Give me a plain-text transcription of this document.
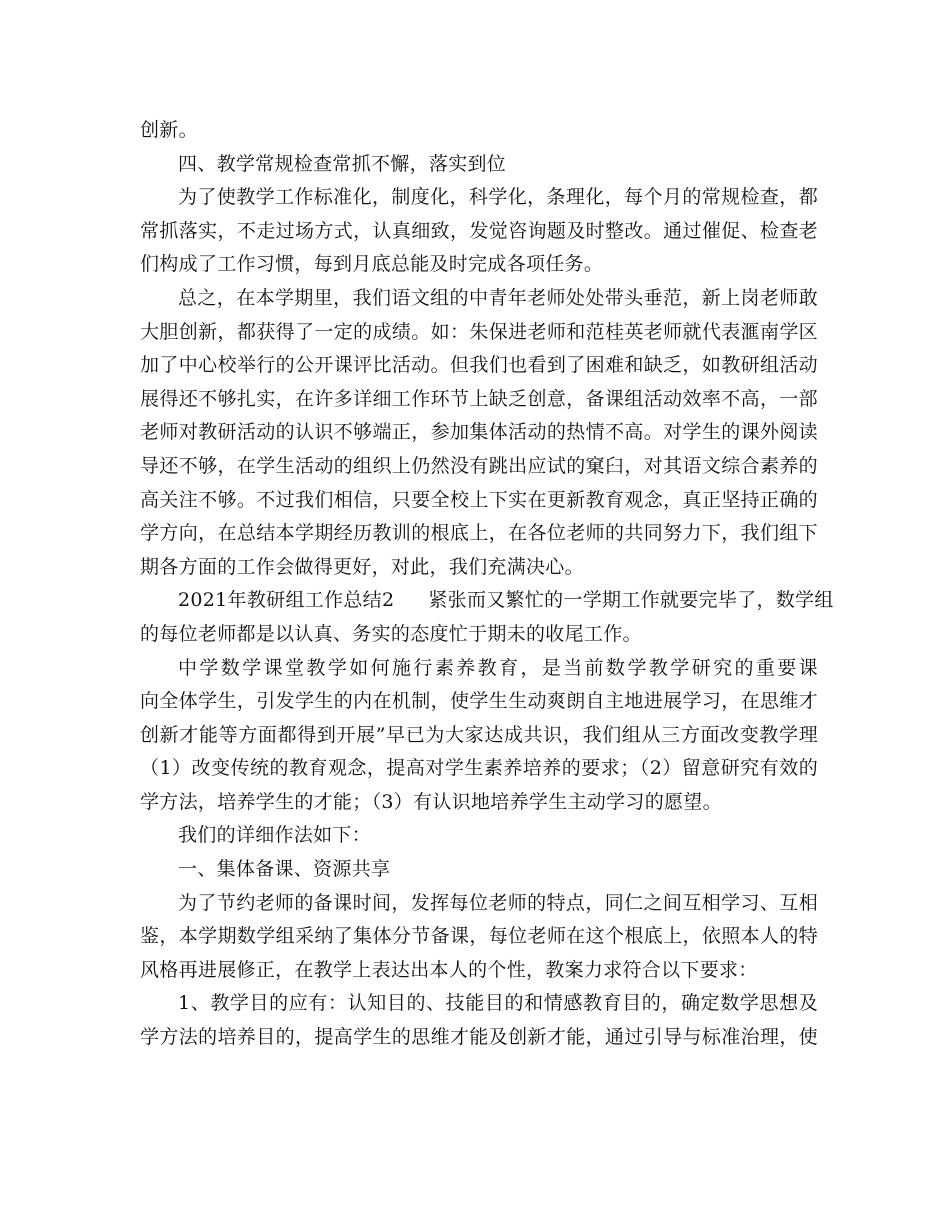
创新。
四、教学常规检查常抓不懈，落实到位
为了使教学工作标准化，制度化，科学化，条理化，每个月的常规检查，都
常抓落实，不走过场方式，认真细致，发觉咨询题及时整改。通过催促、检查老
们构成了工作习惯，每到月底总能及时完成各项任务。
总之，在本学期里，我们语文组的中青年老师处处带头垂范，新上岗老师敢
大胆创新，都获得了一定的成绩。如：朱保进老师和范桂英老师就代表滙南学区
加了中心校举行的公开课评比活动。但我们也看到了困难和缺乏，如教研组活动
展得还不够扎实，在许多详细工作环节上缺乏创意，备课组活动效率不高，一部
老师对教研活动的认识不够端正，参加集体活动的热情不高。对学生的课外阅读
导还不够，在学生活动的组织上仍然没有跳出应试的窠臼，对其语文综合素养的
高关注不够。不过我们相信，只要全校上下实在更新教育观念，真正坚持正确的
学方向，在总结本学期经历教训的根底上，在各位老师的共同努力下，我们组下
期各方面的工作会做得更好，对此，我们充满决心。
2021年教研组工作总结2 紧张而又繁忙的一学期工作就要完毕了，数学组
的每位老师都是以认真、务实的态度忙于期未的收尾工作。
中学数学课堂教学如何施行素养教育，是当前数学教学研究的重要课
向全体学生，引发学生的内在机制，使学生生动爽朗自主地进展学习，在思维才
创新才能等方面都得到开展”早已为大家达成共识，我们组从三方面改变教学理
（1）改变传统的教育观念，提高对学生素养培养的要求；（2）留意研究有效的
学方法，培养学生的才能；（3）有认识地培养学生主动学习的愿望。
我们的详细作法如下：
一、集体备课、资源共享
为了节约老师的备课时间，发挥每位老师的特点，同仁之间互相学习、互相
鉴，本学期数学组采纳了集体分节备课，每位老师在这个根底上，依照本人的特
风格再进展修正，在教学上表达出本人的个性，教案力求符合以下要求：
1、教学目的应有：认知目的、技能目的和情感教育目的，确定数学思想及
学方法的培养目的，提高学生的思维才能及创新才能，通过引导与标准治理，使
